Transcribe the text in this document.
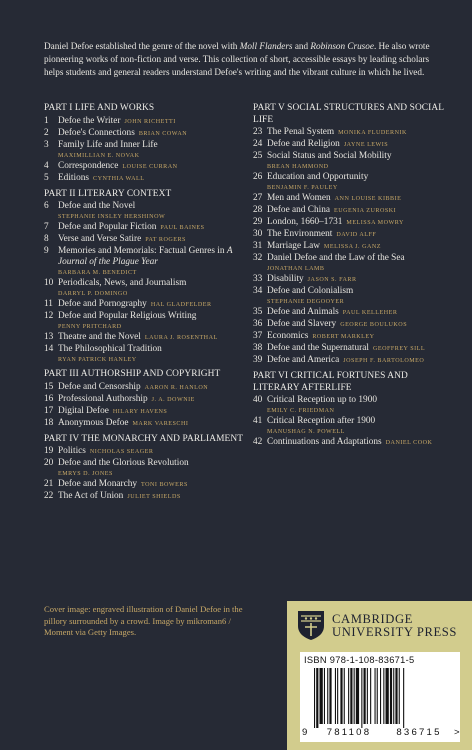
Daniel Defoe established the genre of the novel with Moll Flanders and Robinson Crusoe. He also wrote pioneering works of non-fiction and verse. This collection of short, accessible essays by leading scholars helps students and general readers understand Defoe's writing and the vibrant culture in which he lived.
PART I LIFE AND WORKS
1	Defoe the Writer JOHN RICHETTI
2	Defoe's Connections BRIAN COWAN
3	Family Life and Inner Life
MAXIMILLIAN E. NOVAK
4	Correspondence LOUISE CURRAN
5	Editions CYNTHIA WALL
PART II LITERARY CONTEXT
6	Defoe and the Novel
STEPHANIE INSLEY HERSHINOW
7	Defoe and Popular Fiction PAUL BAINES
8	Verse and Verse Satire PAT ROGERS
9	Memories and Memorials: Factual Genres in A Journal of the Plague Year
BARBARA M. BENEDICT
10 Periodicals, News, and Journalism
DARRYL P. DOMINGO
11 Defoe and Pornography HAL GLADFELDER
12 Defoe and Popular Religious Writing
PENNY PRITCHARD
13 Theatre and the Novel LAURA J. ROSENTHAL
14 The Philosophical Tradition
RYAN PATRICK HANLEY
PART III AUTHORSHIP AND COPYRIGHT
15 Defoe and Censorship AARON R. HANLON
16 Professional Authorship J. A. DOWNIE
17 Digital Defoe HILARY HAVENS
18 Anonymous Defoe MARK VARESCHI
PART IV THE MONARCHY AND PARLIAMENT
19 Politics NICHOLAS SEAGER
20 Defoe and the Glorious Revolution
EMRYS D. JONES
21 Defoe and Monarchy TONI BOWERS
22 The Act of Union JULIET SHIELDS
PART V SOCIAL STRUCTURES AND SOCIAL LIFE
23 The Penal System MONIKA FLUDERNIK
24 Defoe and Religion JAYNE LEWIS
25 Social Status and Social Mobility
BREAN HAMMOND
26 Education and Opportunity
BENJAMIN F. PAULEY
27 Men and Women ANN LOUISE KIBBIE
28 Defoe and China EUGENIA ZUROSKI
29 London, 1660–1731 MELISSA MOWRY
30 The Environment DAVID ALFF
31 Marriage Law MELISSA J. GANZ
32 Daniel Defoe and the Law of the Sea
JONATHAN LAMB
33 Disability JASON S. FARR
34 Defoe and Colonialism
STEPHANIE DEGOOYER
35 Defoe and Animals PAUL KELLEHER
36 Defoe and Slavery GEORGE BOULUKOS
37 Economics ROBERT MARKLEY
38 Defoe and the Supernatural GEOFFREY SILL
39 Defoe and America JOSEPH F. BARTOLOMEO
PART VI CRITICAL FORTUNES AND LITERARY AFTERLIFE
40 Critical Reception up to 1900
EMILY C. FRIEDMAN
41 Critical Reception after 1900
MANUSHAG N. POWELL
42 Continuations and Adaptations DANIEL COOK
Cover image: engraved illustration of Daniel Defoe in the pillory surrounded by a crowd. Image by mikroman6 / Moment via Getty Images.
CAMBRIDGE
UNIVERSITY PRESS
ISBN 978-1-108-83671-5
9	781108	836715	>
